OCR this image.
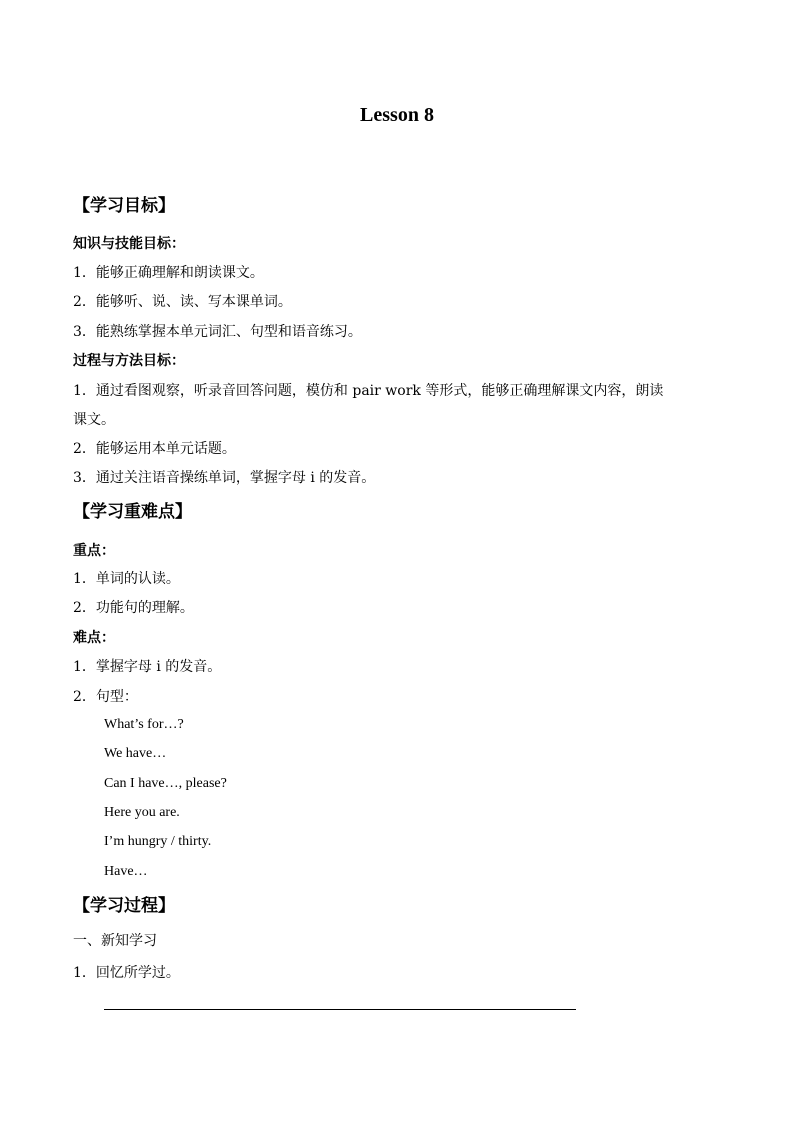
Lesson 8
【学习目标】
知识与技能目标：
1．能够正确理解和朗读课文。
2．能够听、说、读、写本课单词。
3．能熟练掌握本单元词汇、句型和语音练习。
过程与方法目标：
1．通过看图观察，听录音回答问题，模仿和 pair work 等形式，能够正确理解课文内容，朗读
课文。
2．能够运用本单元话题。
3．通过关注语音操练单词，掌握字母 i 的发音。
【学习重难点】
重点：
1．单词的认读。
2．功能句的理解。
难点：
1．掌握字母 i 的发音。
2．句型：
What’s for…?
We have…
Can I have…, please?
Here you are.
I’m hungry / thirty.
Have…
【学习过程】
一、新知学习
1．回忆所学过。
